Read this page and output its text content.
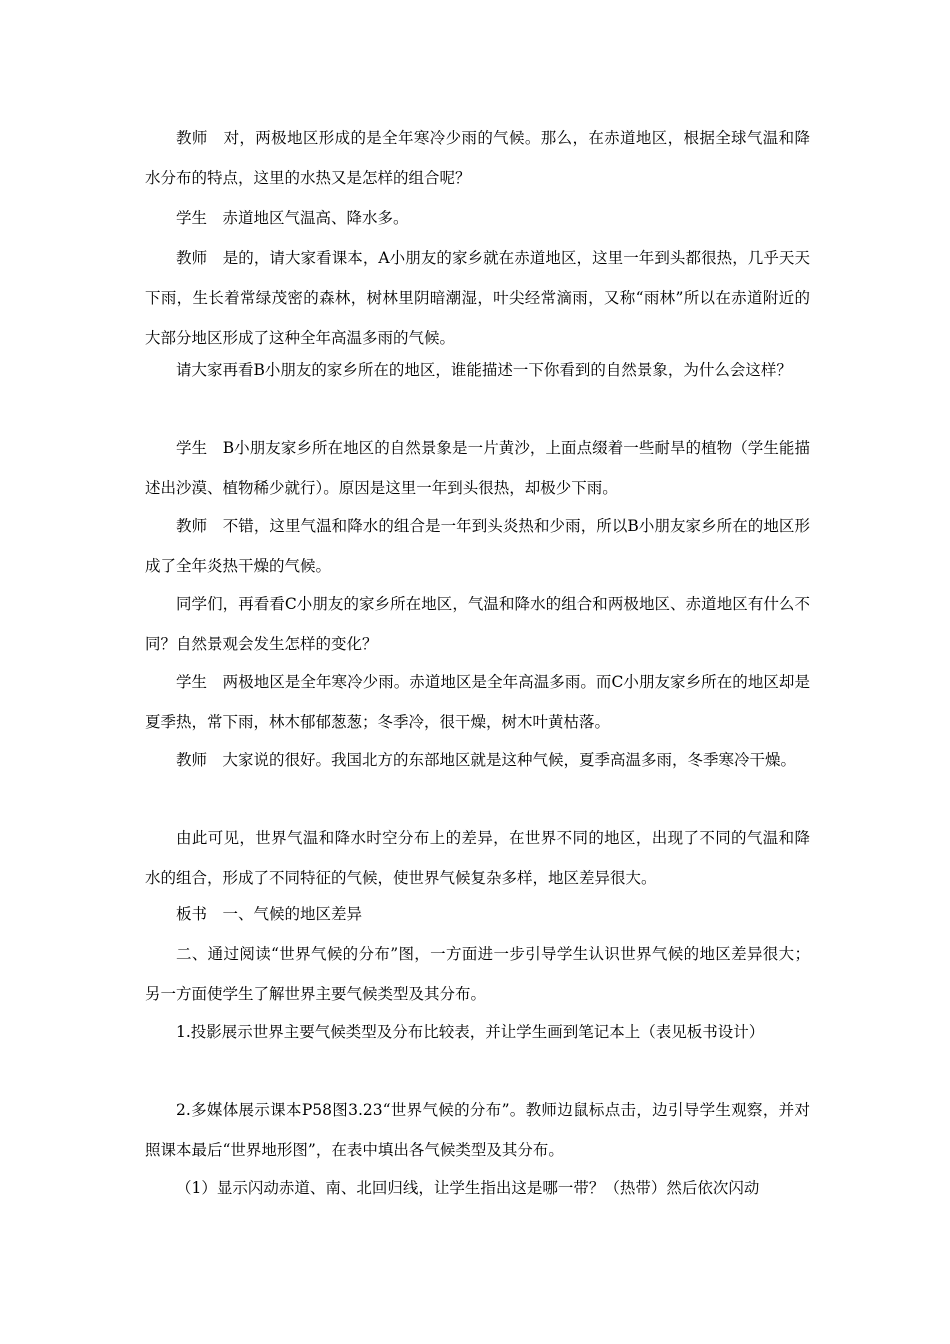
教师　对，两极地区形成的是全年寒冷少雨的气候。那么，在赤道地区，根据全球气温和降水分布的特点，这里的水热又是怎样的组合呢？

学生　赤道地区气温高、降水多。

教师　是的，请大家看课本，A小朋友的家乡就在赤道地区，这里一年到头都很热，几乎天天下雨，生长着常绿茂密的森林，树林里阴暗潮湿，叶尖经常滴雨，又称“雨林”所以在赤道附近的大部分地区形成了这种全年高温多雨的气候。

请大家再看B小朋友的家乡所在的地区，谁能描述一下你看到的自然景象，为什么会这样？

学生　B小朋友家乡所在地区的自然景象是一片黄沙，上面点缀着一些耐旱的植物（学生能描述出沙漠、植物稀少就行）。原因是这里一年到头很热，却极少下雨。

教师　不错，这里气温和降水的组合是一年到头炎热和少雨，所以B小朋友家乡所在的地区形成了全年炎热干燥的气候。

同学们，再看看C小朋友的家乡所在地区，气温和降水的组合和两极地区、赤道地区有什么不同？自然景观会发生怎样的变化？

学生　两极地区是全年寒冷少雨。赤道地区是全年高温多雨。而C小朋友家乡所在的地区却是夏季热，常下雨，林木郁郁葱葱；冬季冷，很干燥，树木叶黄枯落。

教师　大家说的很好。我国北方的东部地区就是这种气候，夏季高温多雨，冬季寒冷干燥。

由此可见，世界气温和降水时空分布上的差异，在世界不同的地区，出现了不同的气温和降水的组合，形成了不同特征的气候，使世界气候复杂多样，地区差异很大。

板书　一、气候的地区差异

二、通过阅读“世界气候的分布”图，一方面进一步引导学生认识世界气候的地区差异很大；另一方面使学生了解世界主要气候类型及其分布。

1.投影展示世界主要气候类型及分布比较表，并让学生画到笔记本上（表见板书设计）

2.多媒体展示课本P58图3.23“世界气候的分布”。教师边鼠标点击，边引导学生观察，并对照课本最后“世界地形图”，在表中填出各气候类型及其分布。

（1）显示闪动赤道、南、北回归线，让学生指出这是哪一带？（热带）然后依次闪动
